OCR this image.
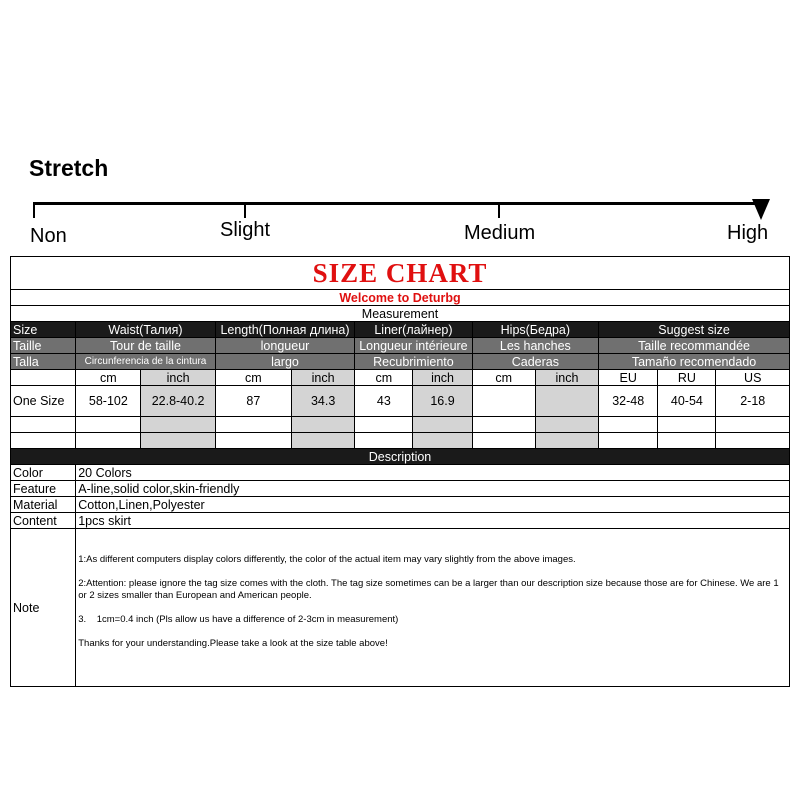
Stretch
Non	Slight	Medium	High
SIZE CHART
Welcome to Deturbg											
Measurement											
Size	Waist(Талия)		Length(Полная длина)		Liner(лайнер)		Hips(Бедра)		Suggest size		
Taille	Tour de taille		longueur		Longueur intérieure		Les hanches		Taille recommandée		
Talla	Circunferencia de la cintura		largo		Recubrimiento		Caderas		Tamaño recomendado		
	cm	inch	cm	inch	cm	inch	cm	inch	EU	RU	US
One Size	58-102	22.8-40.2	87	34.3	43	16.9			32-48	40-54	2-18

Description											
Color	20 Colors										
Feature	A-line,solid color,skin-friendly										
Material	Cotton,Linen,Polyester										
Content	1pcs skirt										
Note	1:As different computers display colors differently, the color of the actual item may vary slightly from the above images.

2:Attention: please ignore the tag size comes with the cloth. The tag size sometimes can be a larger than our description size because those are for Chinese. We are 1 or 2 sizes smaller than European and American people.

3.    1cm=0.4 inch (Pls allow us have a difference of 2-3cm in measurement)

Thanks for your understanding.Please take a look at the size table above!										
